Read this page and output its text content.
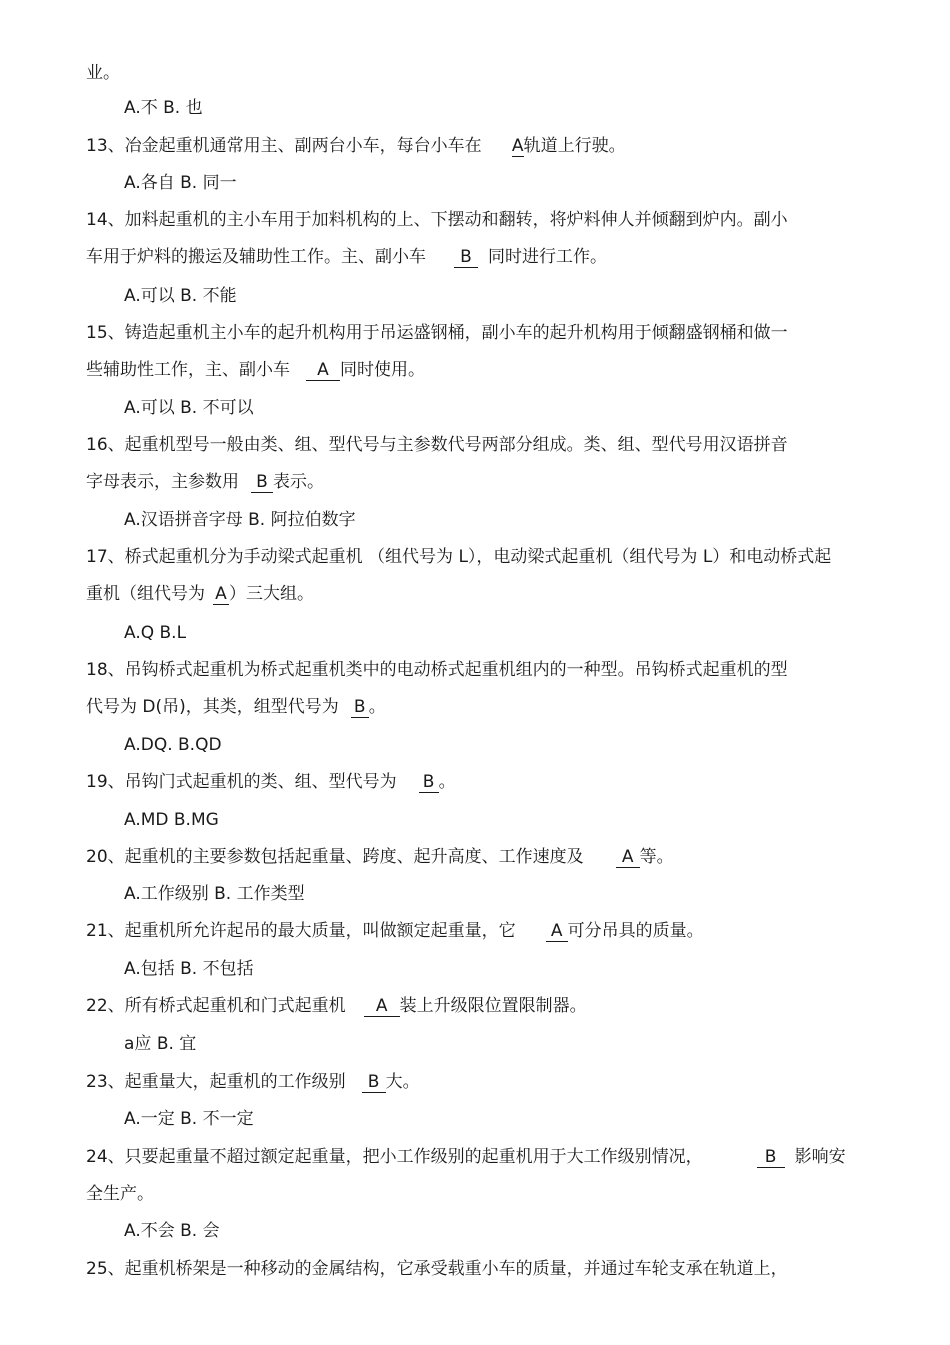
业。
A.不 B. 也
13、冶金起重机通常用主、副两台小车，每台小车在 A轨道上行驶。
A.各自 B. 同一
14、加料起重机的主小车用于加料机构的上、下摆动和翻转，将炉料伸人并倾翻到炉内。副小
车用于炉料的搬运及辅助性工作。主、副小车 B 同时进行工作。
A.可以 B. 不能
15、铸造起重机主小车的起升机构用于吊运盛钢桶，副小车的起升机构用于倾翻盛钢桶和做一
些辅助性工作，主、副小车 A 同时使用。
A.可以 B. 不可以
16、起重机型号一般由类、组、型代号与主参数代号两部分组成。类、组、型代号用汉语拼音
字母表示，主参数用 B 表示。
A.汉语拼音字母 B. 阿拉伯数字
17、桥式起重机分为手动梁式起重机 （组代号为 L），电动梁式起重机（组代号为 L）和电动桥式起
重机（组代号为 A ）三大组。
A.Q B.L
18、吊钩桥式起重机为桥式起重机类中的电动桥式起重机组内的一种型。吊钩桥式起重机的型
代号为 D(吊)，其类，组型代号为 B 。
A.DQ. B.QD
19、吊钩门式起重机的类、组、型代号为 B 。
A.MD B.MG
20、起重机的主要参数包括起重量、跨度、起升高度、工作速度及 A 等。
A.工作级别 B. 工作类型
21、起重机所允许起吊的最大质量，叫做额定起重量，它 A 可分吊具的质量。
A.包括 B. 不包括
22、所有桥式起重机和门式起重机 A 装上升级限位置限制器。
a应 B. 宜
23、起重量大，起重机的工作级别 B 大。
A.一定 B. 不一定
24、只要起重量不超过额定起重量，把小工作级别的起重机用于大工作级别情况，	B 影响安
全生产。
A.不会 B. 会
25、起重机桥架是一种移动的金属结构，它承受载重小车的质量，并通过车轮支承在轨道上，
